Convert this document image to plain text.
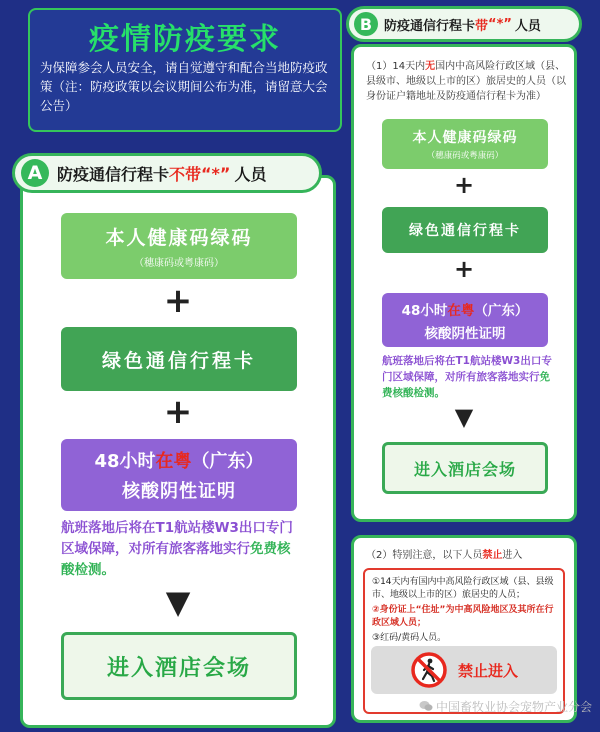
疫情防疫要求
为保障参会人员安全，请自觉遵守和配合当地防疫政策（注：防疫政策以会议期间公布为准，请留意大会公告）
本人健康码绿码
（穗康码或粤康码）
+
绿色通信行程卡
+
48小时在粤（广东）
核酸阴性证明
航班落地后将在T1航站楼W3出口专门区域保障，对所有旅客落地实行免费核酸检测。
▼
进入酒店会场
A 防疫通信行程卡 不带 “*” 人员
（1）14天内无国内中高风险行政区域（县、县级市、地级以上市的区）旅居史的人员（以身份证户籍地址及防疫通信行程卡为准）
本人健康码绿码
（穗康码或粤康码）
+
绿色通信行程卡
+
48小时在粤（广东）
核酸阴性证明
航班落地后将在T1航站楼W3出口专门区域保障，对所有旅客落地实行免费核酸检测。
▼
进入酒店会场
B 防疫通信行程卡 带 “*” 人员
（2）特别注意，以下人员禁止进入
①14天内有国内中高风险行政区域（县、县级市、地级以上市的区）旅居史的人员；
②身份证上“住址”为中高风险地区及其所在行政区域人员；
③红码/黄码人员。
禁止进入
中国畜牧业协会宠物产业分会
